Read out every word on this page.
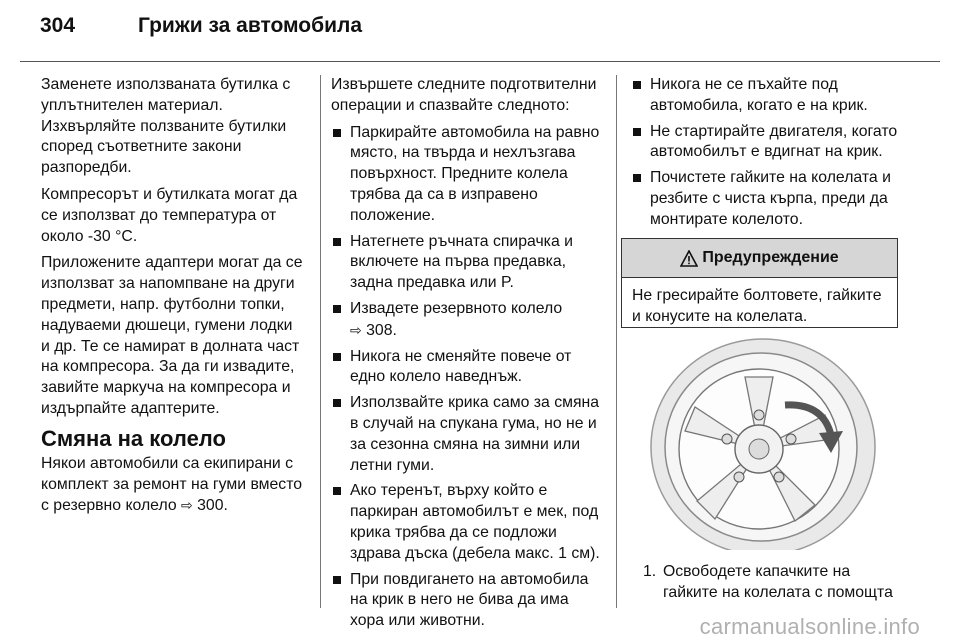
304	Грижи за автомобила

Заменете използваната бутилка с уплътнителен материал. Изхвърляйте ползваните бутилки според съответните закони разпоредби.

Компресорът и бутилката могат да се използват до температура от около -30 °C.

Приложените адаптери могат да се използват за напомпване на други предмети, напр. футболни топки, надуваеми дюшеци, гумени лодки и др. Те се намират в долната част на компресора. За да ги извадите, завийте маркуча на компресора и издърпайте адаптерите.

Смяна на колело

Някои автомобили са екипирани с комплект за ремонт на гуми вместо с резервно колело ⇨ 300.

Извършете следните подготвителни операции и спазвайте следното:

Паркирайте автомобила на равно място, на твърда и нехлъзгава повърхност. Предните колела трябва да са в изправено положение.
Натегнете ръчната спирачка и включете на първа предавка, задна предавка или P.
Извадете резервното колело
⇨ 308.
Никога не сменяйте повече от едно колело наведнъж.
Използвайте крика само за смяна в случай на спукана гума, но не и за сезонна смяна на зимни или летни гуми.
Ако теренът, върху който е паркиран автомобилът е мек, под крика трябва да се подложи здрава дъска (дебела макс. 1 см).
При повдигането на автомобила на крик в него не бива да има хора или животни.
Никога не се пъхайте под автомобила, когато е на крик.
Не стартирайте двигателя, когато автомобилът е вдигнат на крик.
Почистете гайките на колелата и резбите с чиста кърпа, преди да монтирате колелото.
Предупреждение
Не гресирайте болтовете, гайките и конусите на колелата.
1. Освободете капачките на гайките на колелата с помощта
carmanualsonline.info
